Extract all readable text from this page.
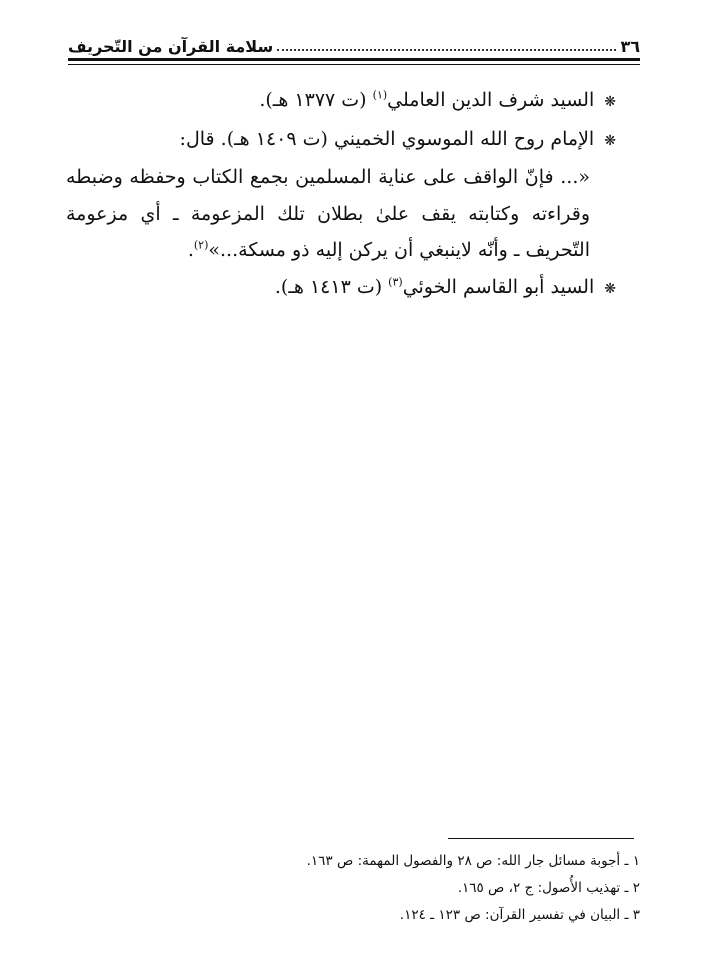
٣٦
سلامة القرآن من التّحريف

❋ السيد شرف الدين العاملي$^{(١)}$ (ت ١٣٧٧ هـ).

❋ الإمام روح الله الموسوي الخميني (ت ١٤٠٩ هـ). قال:

«... فإنّ الواقف على عناية المسلمين بجمع الكتاب وحفظه وضبطه وقراءته وكتابته يقف علىٰ بطلان تلك المزعومة ـ أي مزعومة التّحريف ـ وأنّه لاينبغي أن يركن إليه ذو مسكة...»$^{(٢)}$.

❋ السيد أبو القاسم الخوئي$^{(٣)}$ (ت ١٤١٣ هـ).

١ ـ أجوبة مسائل جار الله: ص ٢٨ والفصول المهمة: ص ١٦٣.

٢ ـ تهذيب الأُصول: ج ٢، ص ١٦٥.

٣ ـ البيان في تفسير القرآن: ص ١٢٣ ـ ١٢٤.
